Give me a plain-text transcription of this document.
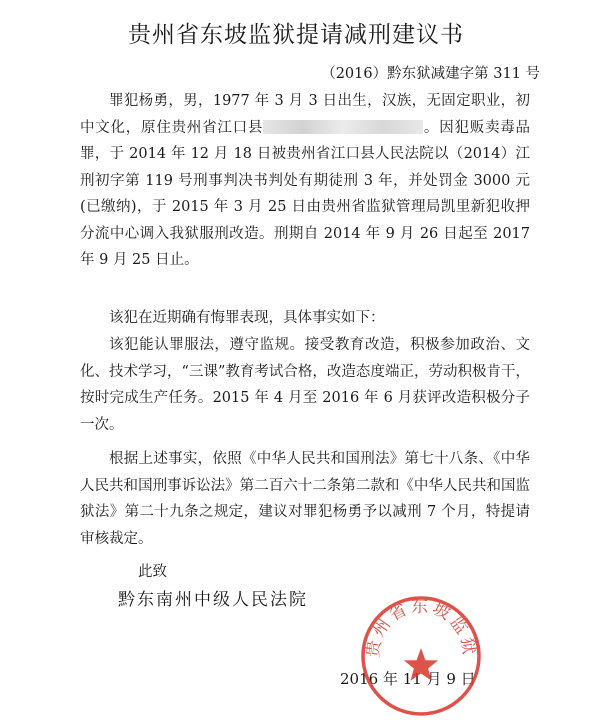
贵州省东坡监狱提请减刑建议书
（2016）黔东狱减建字第 311 号

罪犯杨勇，男，1977 年 3 月 3 日出生，汉族，无固定职业，初中文化，原住贵州省江口县	。因犯贩卖毒品罪，于 2014 年 12 月 18 日被贵州省江口县人民法院以（2014）江刑初字第 119 号刑事判决书判处有期徒刑 3 年，并处罚金 3000 元(已缴纳)，于 2015 年 3 月 25 日由贵州省监狱管理局凯里新犯收押分流中心调入我狱服刑改造。刑期自 2014 年 9 月 26 日起至 2017 年 9 月 25 日止。

该犯在近期确有悔罪表现，具体事实如下：

该犯能认罪服法，遵守监规。接受教育改造，积极参加政治、文化、技术学习，“三课”教育考试合格，改造态度端正，劳动积极肯干，按时完成生产任务。2015 年 4 月至 2016 年 6 月获评改造积极分子一次。

根据上述事实，依照《中华人民共和国刑法》第七十八条、《中华人民共和国刑事诉讼法》第二百六十二条第二款和《中华人民共和国监狱法》第二十九条之规定，建议对罪犯杨勇予以减刑 7 个月，特提请审核裁定。

此致
黔东南州中级人民法院
2016 年 11 月 9 日
贵州省东坡监狱
